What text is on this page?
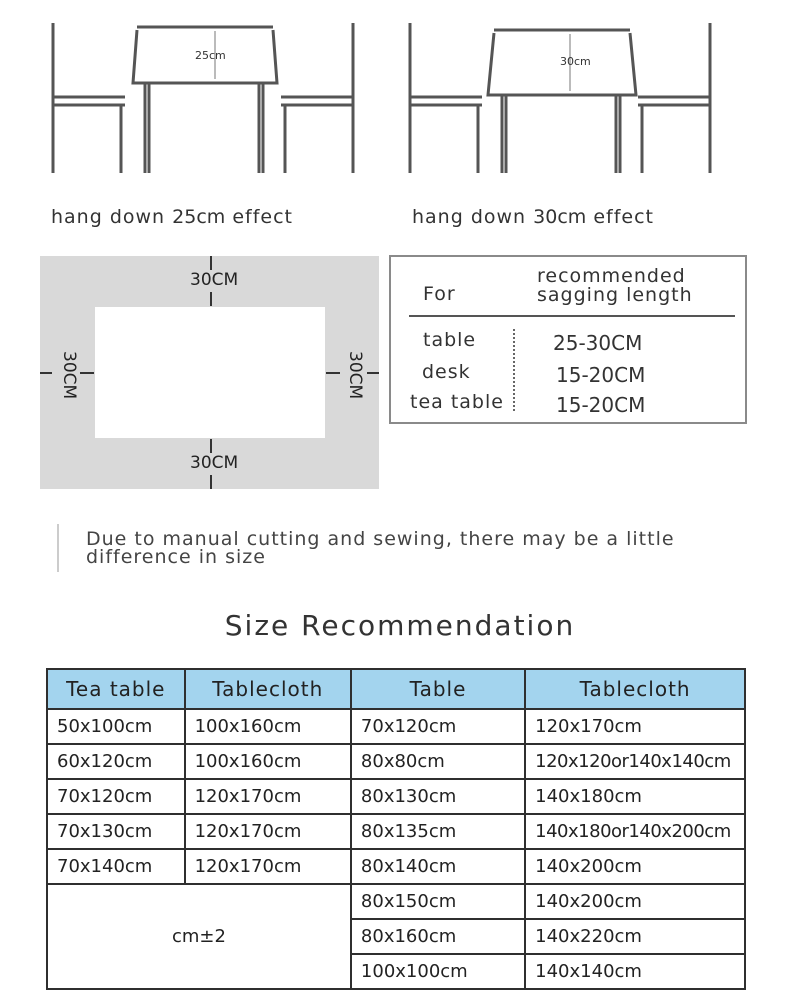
25cm
hang down 25cm effect
30cm
hang down 30cm effect
30CM
30CM
30CM	30CM
For
recommended
sagging length
table	25-30CM
desk	15-20CM
tea table	15-20CM
Due to manual cutting and sewing, there may be a little difference in size
Size Recommendation
Tea table	Tablecloth	Table	Tablecloth
50x100cm	100x160cm	70x120cm	120x170cm
60x120cm	100x160cm	80x80cm	120x120or140x140cm
70x120cm	120x170cm	80x130cm	140x180cm
70x130cm	120x170cm	80x135cm	140x180or140x200cm
70x140cm	120x170cm	80x140cm	140x200cm
cm±2		80x150cm	140x200cm
		80x160cm	140x220cm
		100x100cm	140x140cm
